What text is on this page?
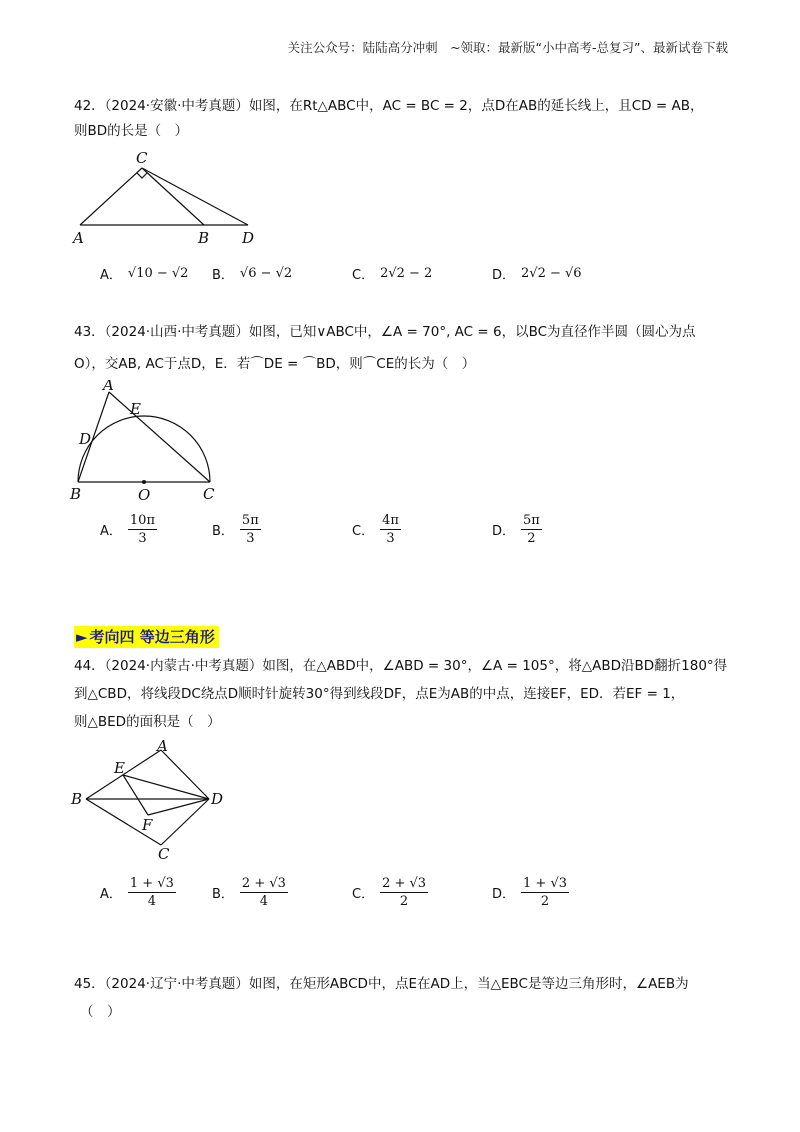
关注公众号：陆陆高分冲刺　~领取：最新版“小中高考-总复习”、最新试卷下载
42．（2024·安徽·中考真题）如图，在Rt△ABC中，AC = BC = 2，点D在AB的延长线上，且CD = AB，
则BD的长是（　）
C
A	B D
A． √10 − √2 B． √6 − √2	C． 2√2 − 2	D． 2√2 − √6
43．（2024·山西·中考真题）如图，已知∨ABC中，∠A = 70°, AC = 6，以BC为直径作半圆（圆心为点
O），交AB, AC于点D，E．若⌒DE = ⌒BD，则⌒CE的长为（　）
A
E
D
B	O	C
A． $\frac{10\pi}{3}$	B． $\frac{5\pi}{3}$	C． $\frac{4\pi}{3}$	D． $\frac{5\pi}{2}$
► 考向四 等边三角形
44．（2024·内蒙古·中考真题）如图，在△ABD中，∠ABD = 30°，∠A = 105°，将△ABD沿BD翻折180°得
到△CBD，将线段DC绕点D顺时针旋转30°得到线段DF，点E为AB的中点，连接EF，ED．若EF = 1，
则△BED的面积是（　）
A
E
B	D
F
C
A． $\frac{1 + √3}{4}$	B． $\frac{2 + √3}{4}$	C． $\frac{2 + √3}{2}$	D． $\frac{1 + √3}{2}$
45．（2024·辽宁·中考真题）如图，在矩形ABCD中，点E在AD上，当△EBC是等边三角形时，∠AEB为
（　）
